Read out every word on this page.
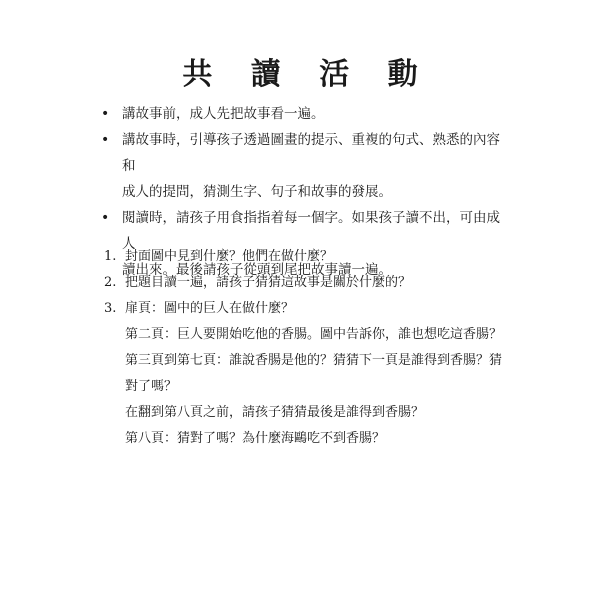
共 讀 活 動
• 講故事前，成人先把故事看一遍。
• 講故事時，引導孩子透過圖畫的提示、重複的句式、熟悉的內容和
成人的提問，猜測生字、句子和故事的發展。
• 閱讀時，請孩子用食指指着每一個字。如果孩子讀不出，可由成人
讀出來。最後請孩子從頭到尾把故事讀一遍。
1. 封面圖中見到什麼？他們在做什麼？
2. 把題目讀一遍，請孩子猜猜這故事是關於什麼的？
3. 扉頁：圖中的巨人在做什麼？
第二頁：巨人要開始吃他的香腸。圖中告訴你，誰也想吃這香腸？
第三頁到第七頁：誰說香腸是他的？猜猜下一頁是誰得到香腸？猜
對了嗎？
在翻到第八頁之前，請孩子猜猜最後是誰得到香腸？
第八頁：猜對了嗎？為什麼海鷗吃不到香腸？
